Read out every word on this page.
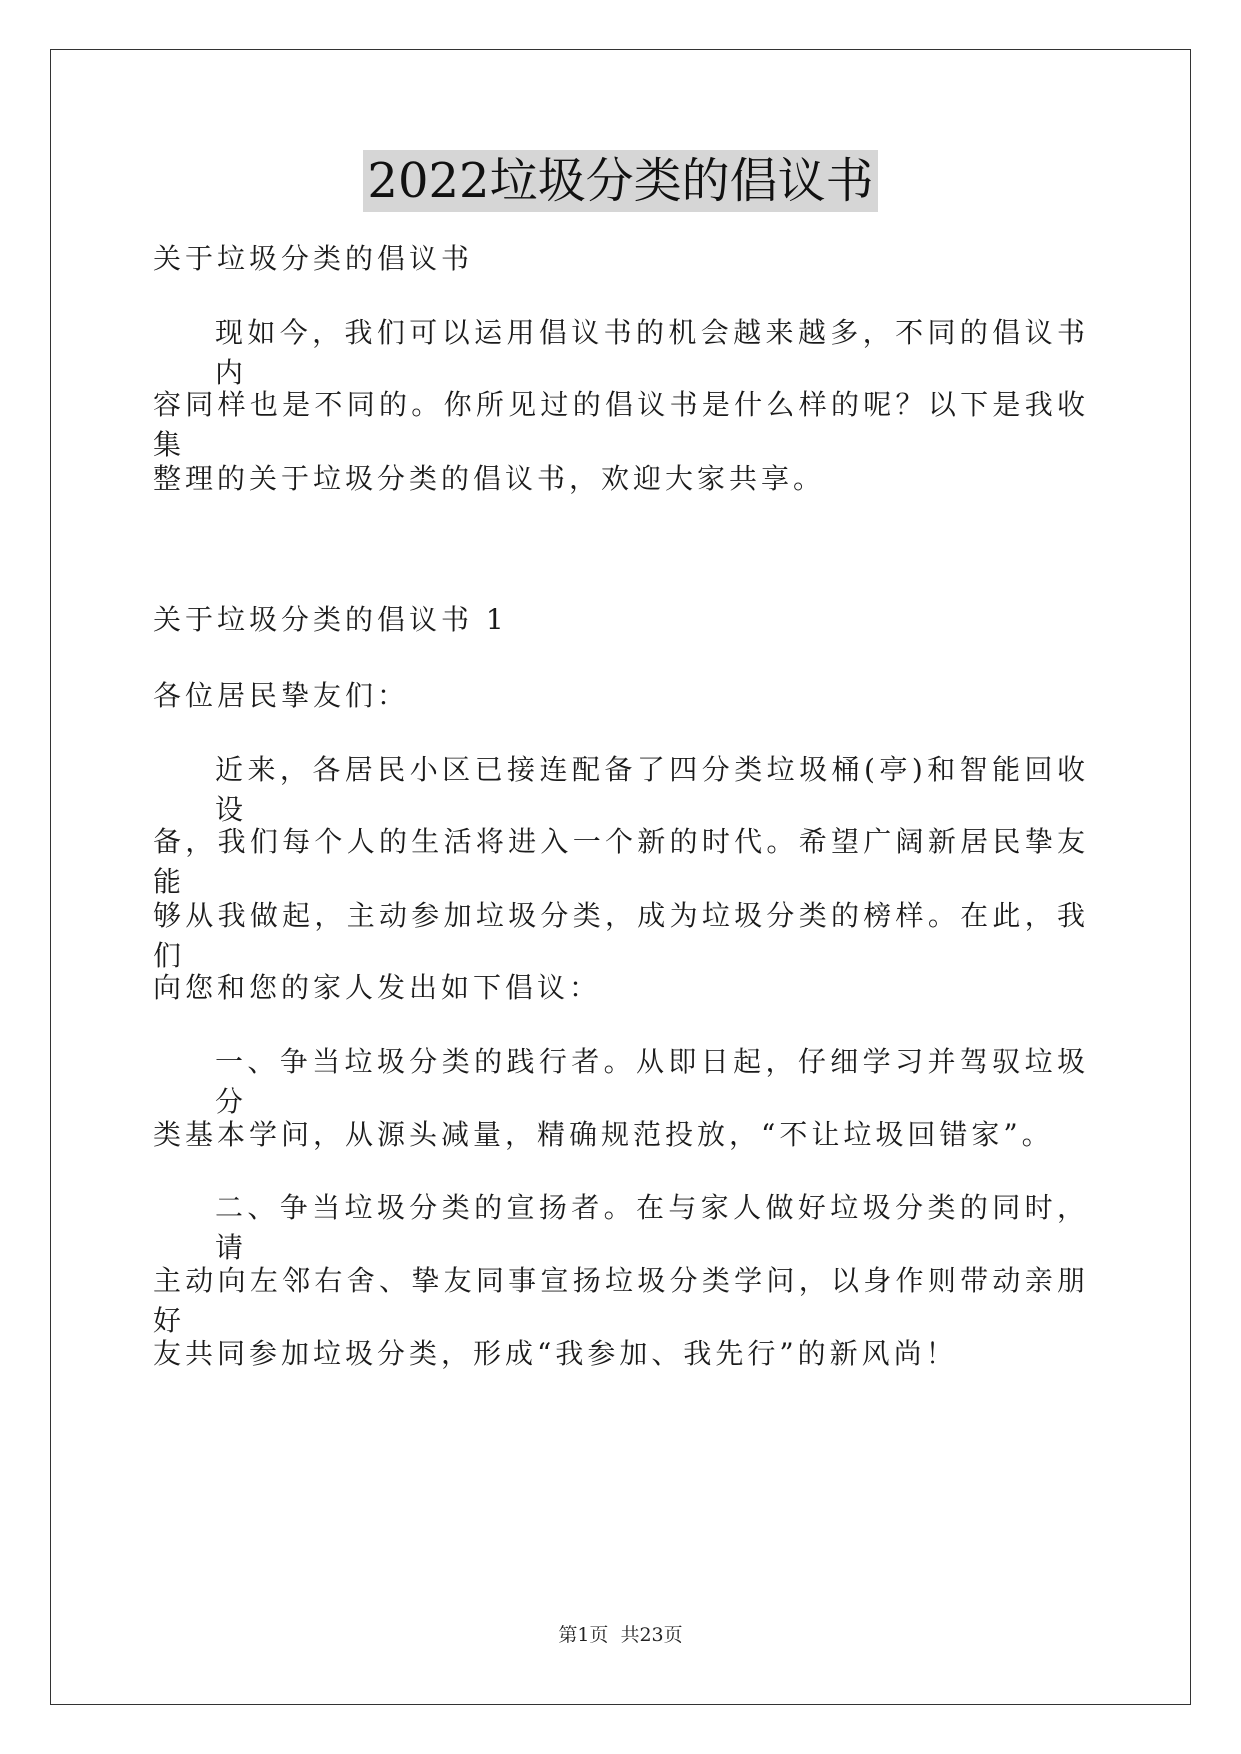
2022垃圾分类的倡议书
关于垃圾分类的倡议书
现如今，我们可以运用倡议书的机会越来越多，不同的倡议书内
容同样也是不同的。你所见过的倡议书是什么样的呢？以下是我收集
整理的关于垃圾分类的倡议书，欢迎大家共享。
关于垃圾分类的倡议书 1
各位居民挚友们：
近来，各居民小区已接连配备了四分类垃圾桶(亭)和智能回收设
备，我们每个人的生活将进入一个新的时代。希望广阔新居民挚友能
够从我做起，主动参加垃圾分类，成为垃圾分类的榜样。在此，我们
向您和您的家人发出如下倡议：
一、争当垃圾分类的践行者。从即日起，仔细学习并驾驭垃圾分
类基本学问，从源头减量，精确规范投放，“不让垃圾回错家”。
二、争当垃圾分类的宣扬者。在与家人做好垃圾分类的同时，请
主动向左邻右舍、挚友同事宣扬垃圾分类学问，以身作则带动亲朋好
友共同参加垃圾分类，形成“我参加、我先行”的新风尚！
第1页 共23页
